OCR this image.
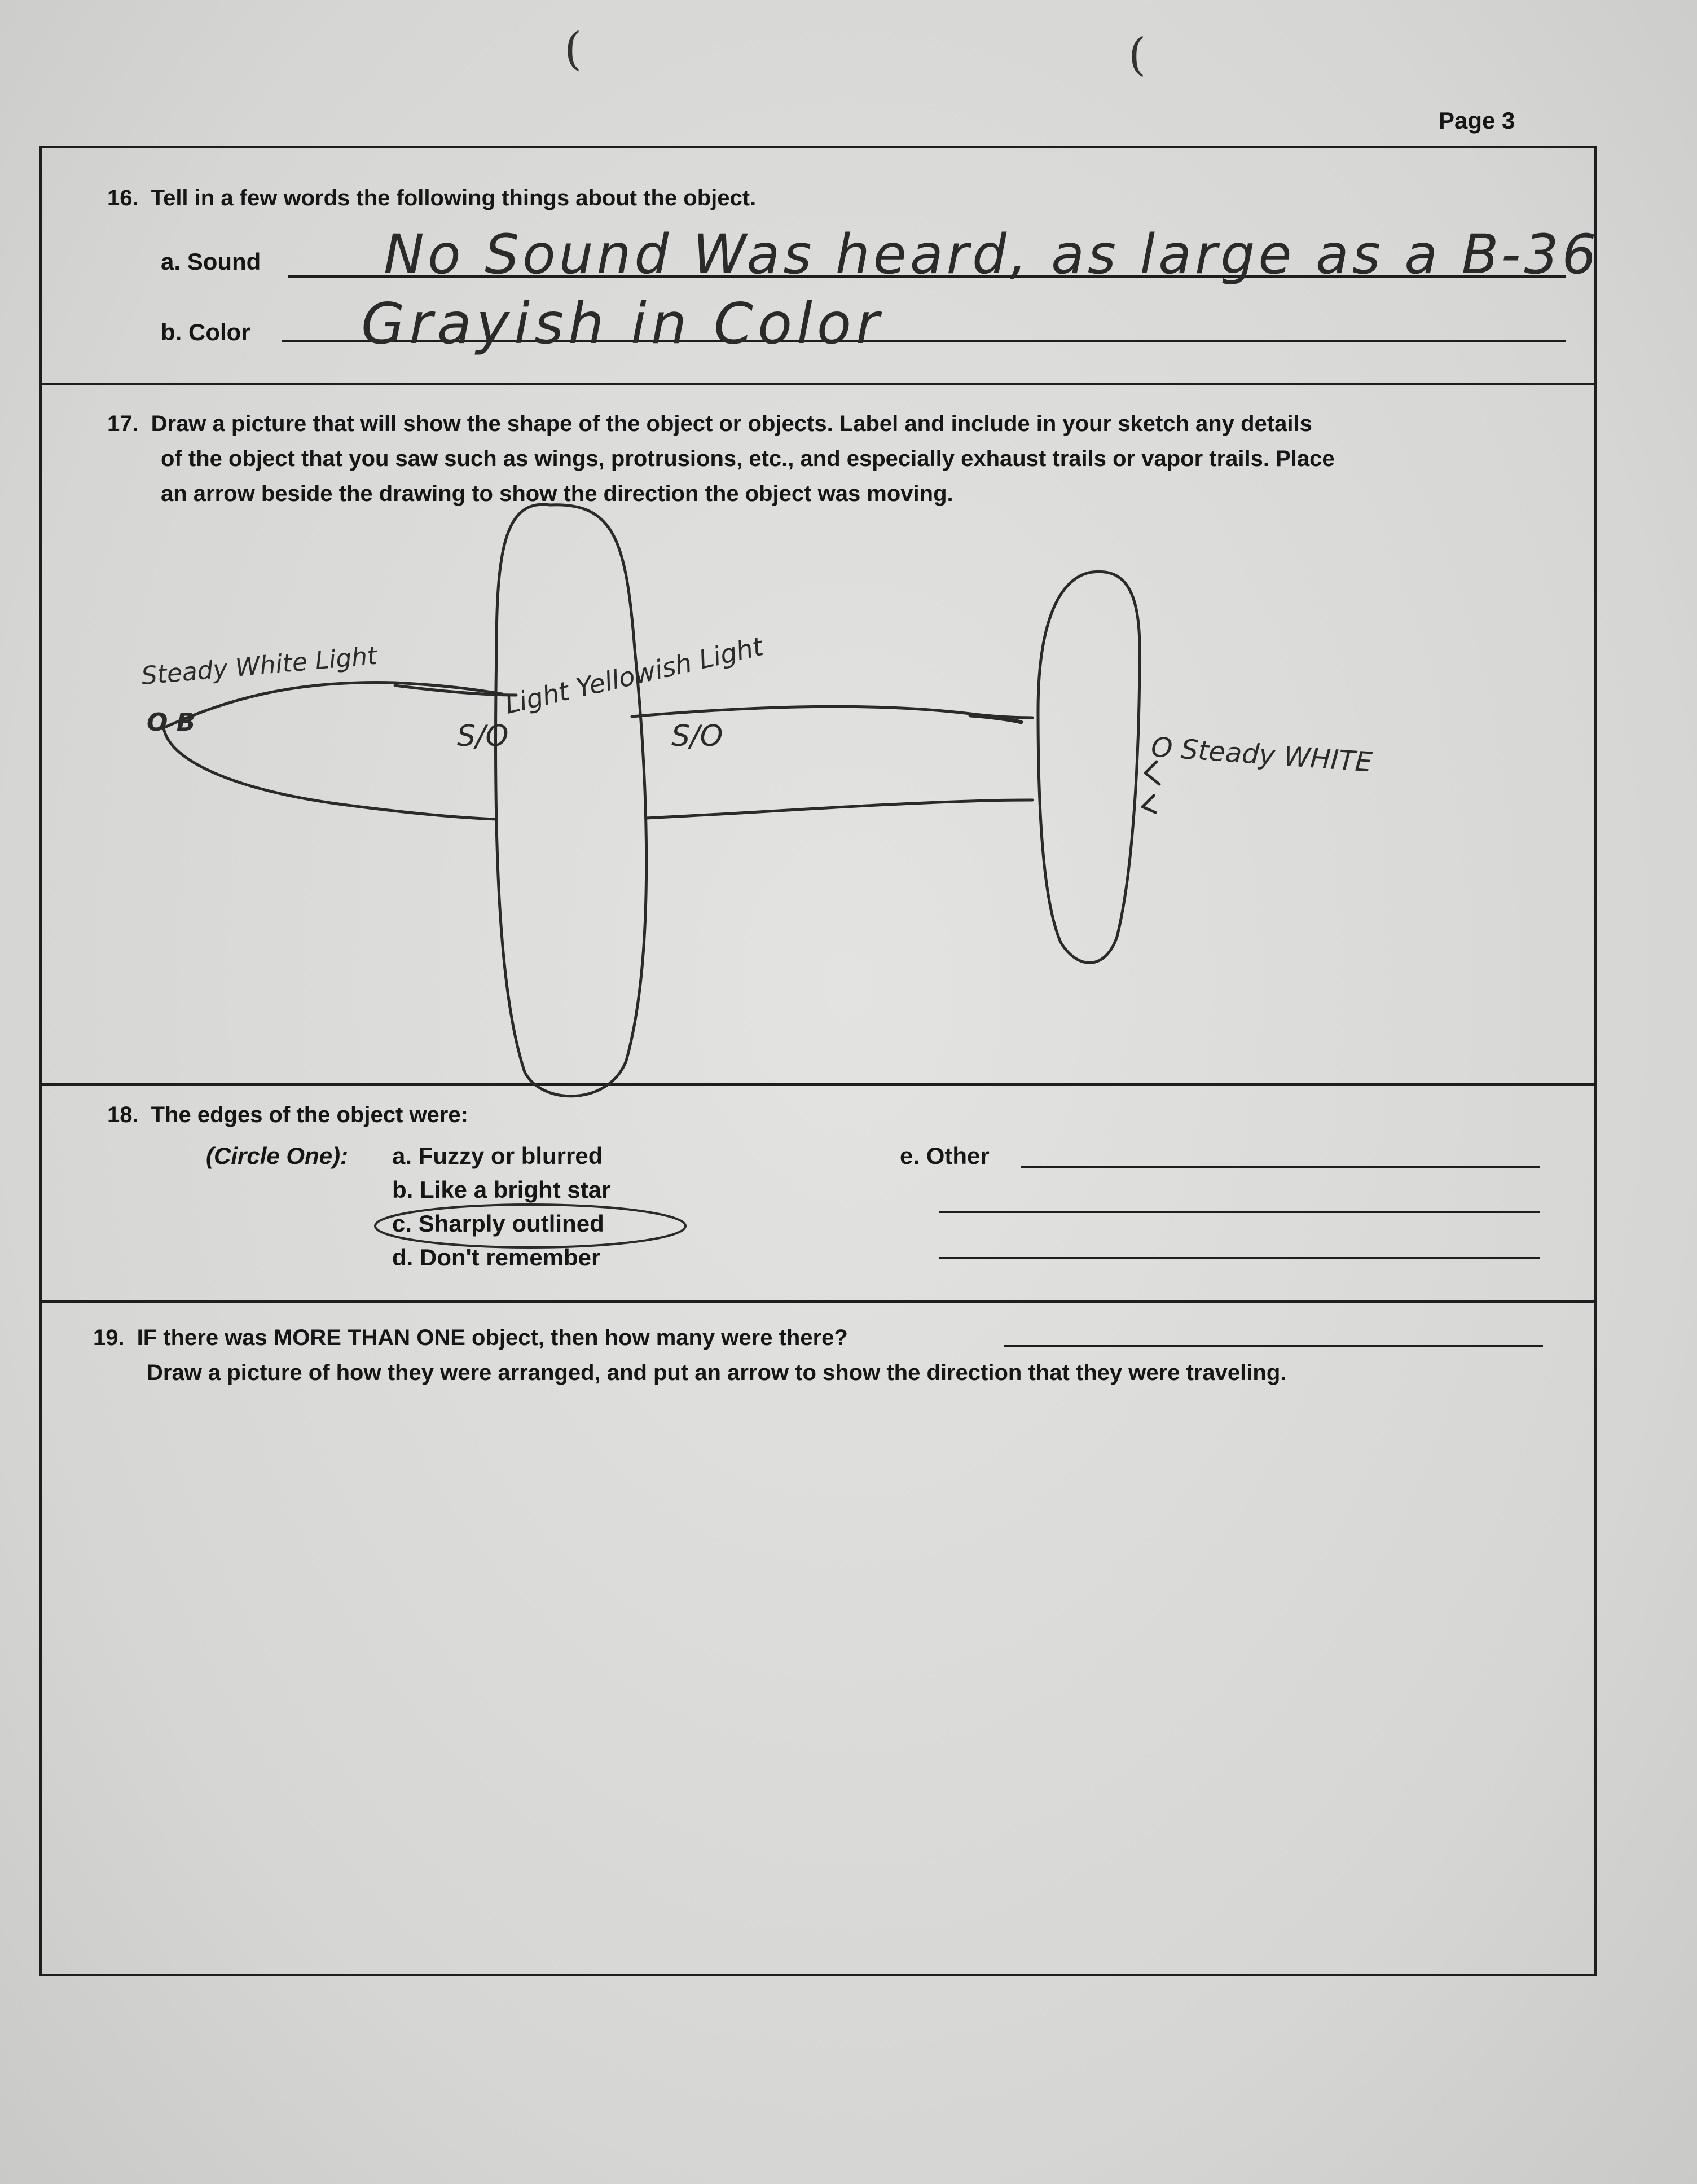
(	(
Page 3
16. Tell in a few words the following things about the object.
a. Sound No Sound Was heard, as large as a B-36
b. Color Grayish in Color
17. Draw a picture that will show the shape of the object or objects. Label and include in your sketch any details
of the object that you saw such as wings, protrusions, etc., and especially exhaust trails or vapor trails. Place
an arrow beside the drawing to show the direction the object was moving.
Steady White Light
O B
Light Yellowish Light
S/O	S/O	O Steady WHITE
18. The edges of the object were:
(Circle One): a. Fuzzy or blurred
b. Like a bright star
c. Sharply outlined
d. Don't remember
e. Other
19. IF there was MORE THAN ONE object, then how many were there?
Draw a picture of how they were arranged, and put an arrow to show the direction that they were traveling.
